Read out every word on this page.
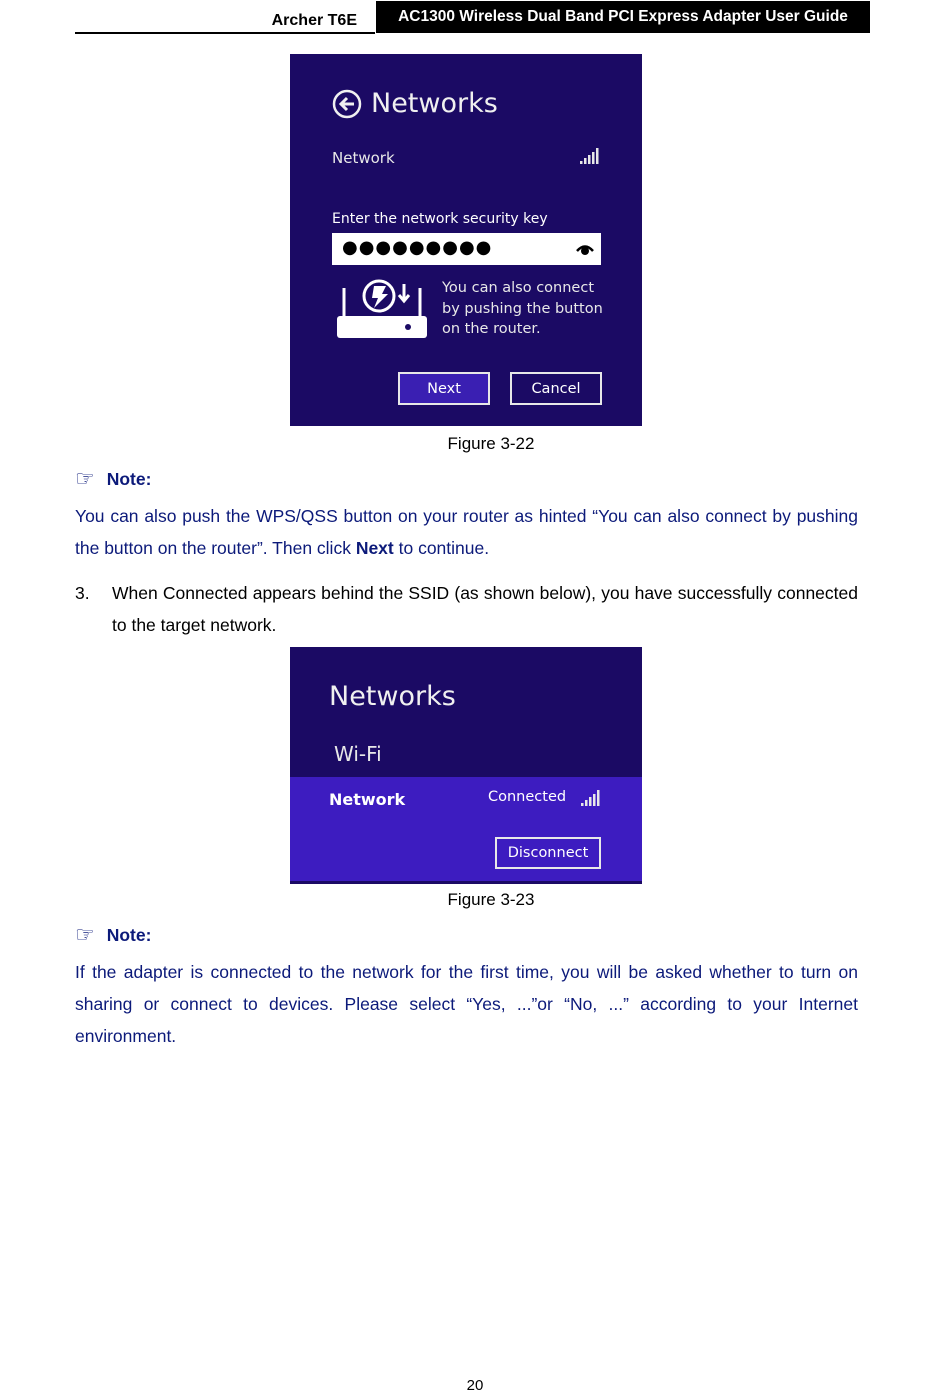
Archer T6E	AC1300 Wireless Dual Band PCI Express Adapter User Guide
Networks
Network
Enter the network security key
●●●●●●●●●
You can also connect
by pushing the button
on the router.
Next	Cancel
Figure 3-22
☞ Note:
You can also push the WPS/QSS button on your router as hinted “You can also connect by pushing the button on the router”. Then click Next to continue.
3. When Connected appears behind the SSID (as shown below), you have successfully connected to the target network.
Networks
Wi-Fi
Network	Connected
Disconnect
Figure 3-23
☞ Note:
If the adapter is connected to the network for the first time, you will be asked whether to turn on sharing or connect to devices. Please select “Yes, ...”or “No, ...” according to your Internet environment.
20
